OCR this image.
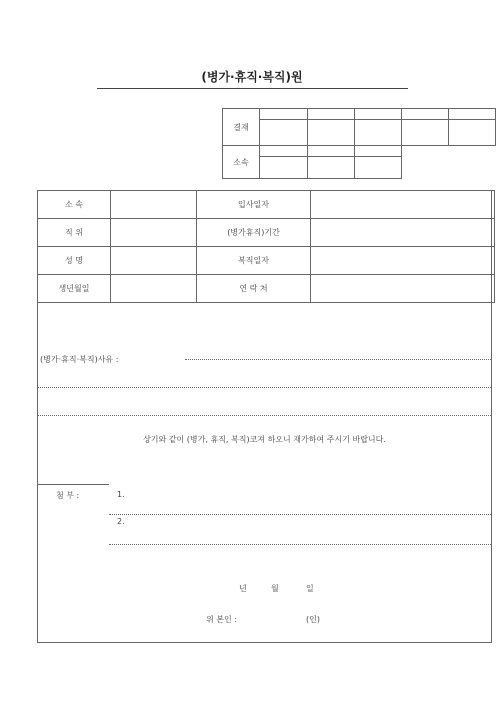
(병가·휴직·복직)원
결재					

소속			

소 속		입사일자	
직 위		(병가휴직)기간	
성 명		복직일자	
생년월일		연 락 처	
(병가·휴직·복직)사유 :
상기와 같이 (병가, 휴직, 복직)코져 하오니 재가하여 주시기 바랍니다.
첨 부 :	1.
2.
년	월	일
위 본인 :	(인)
